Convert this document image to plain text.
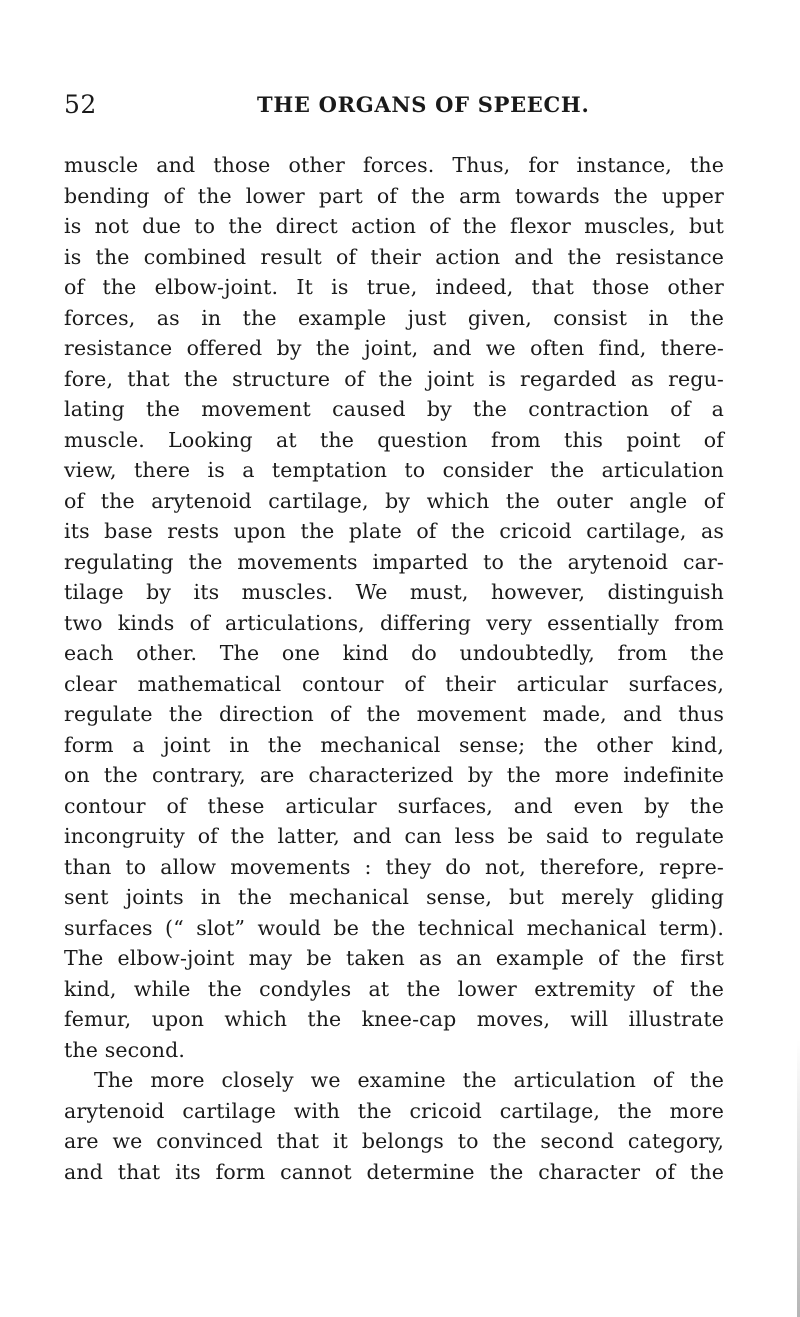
52	THE ORGANS OF SPEECH.
muscle and those other forces. Thus, for instance, the
bending of the lower part of the arm towards the upper
is not due to the direct action of the flexor muscles, but
is the combined result of their action and the resistance
of the elbow-joint. It is true, indeed, that those other
forces, as in the example just given, consist in the
resistance offered by the joint, and we often find, there-
fore, that the structure of the joint is regarded as regu-
lating the movement caused by the contraction of a
muscle. Looking at the question from this point of
view, there is a temptation to consider the articulation
of the arytenoid cartilage, by which the outer angle of
its base rests upon the plate of the cricoid cartilage, as
regulating the movements imparted to the arytenoid car-
tilage by its muscles. We must, however, distinguish
two kinds of articulations, differing very essentially from
each other. The one kind do undoubtedly, from the
clear mathematical contour of their articular surfaces,
regulate the direction of the movement made, and thus
form a joint in the mechanical sense; the other kind,
on the contrary, are characterized by the more indefinite
contour of these articular surfaces, and even by the
incongruity of the latter, and can less be said to regulate
than to allow movements : they do not, therefore, repre-
sent joints in the mechanical sense, but merely gliding
surfaces (“ slot” would be the technical mechanical term).
The elbow-joint may be taken as an example of the first
kind, while the condyles at the lower extremity of the
femur, upon which the knee-cap moves, will illustrate
the second.
The more closely we examine the articulation of the
arytenoid cartilage with the cricoid cartilage, the more
are we convinced that it belongs to the second category,
and that its form cannot determine the character of the
